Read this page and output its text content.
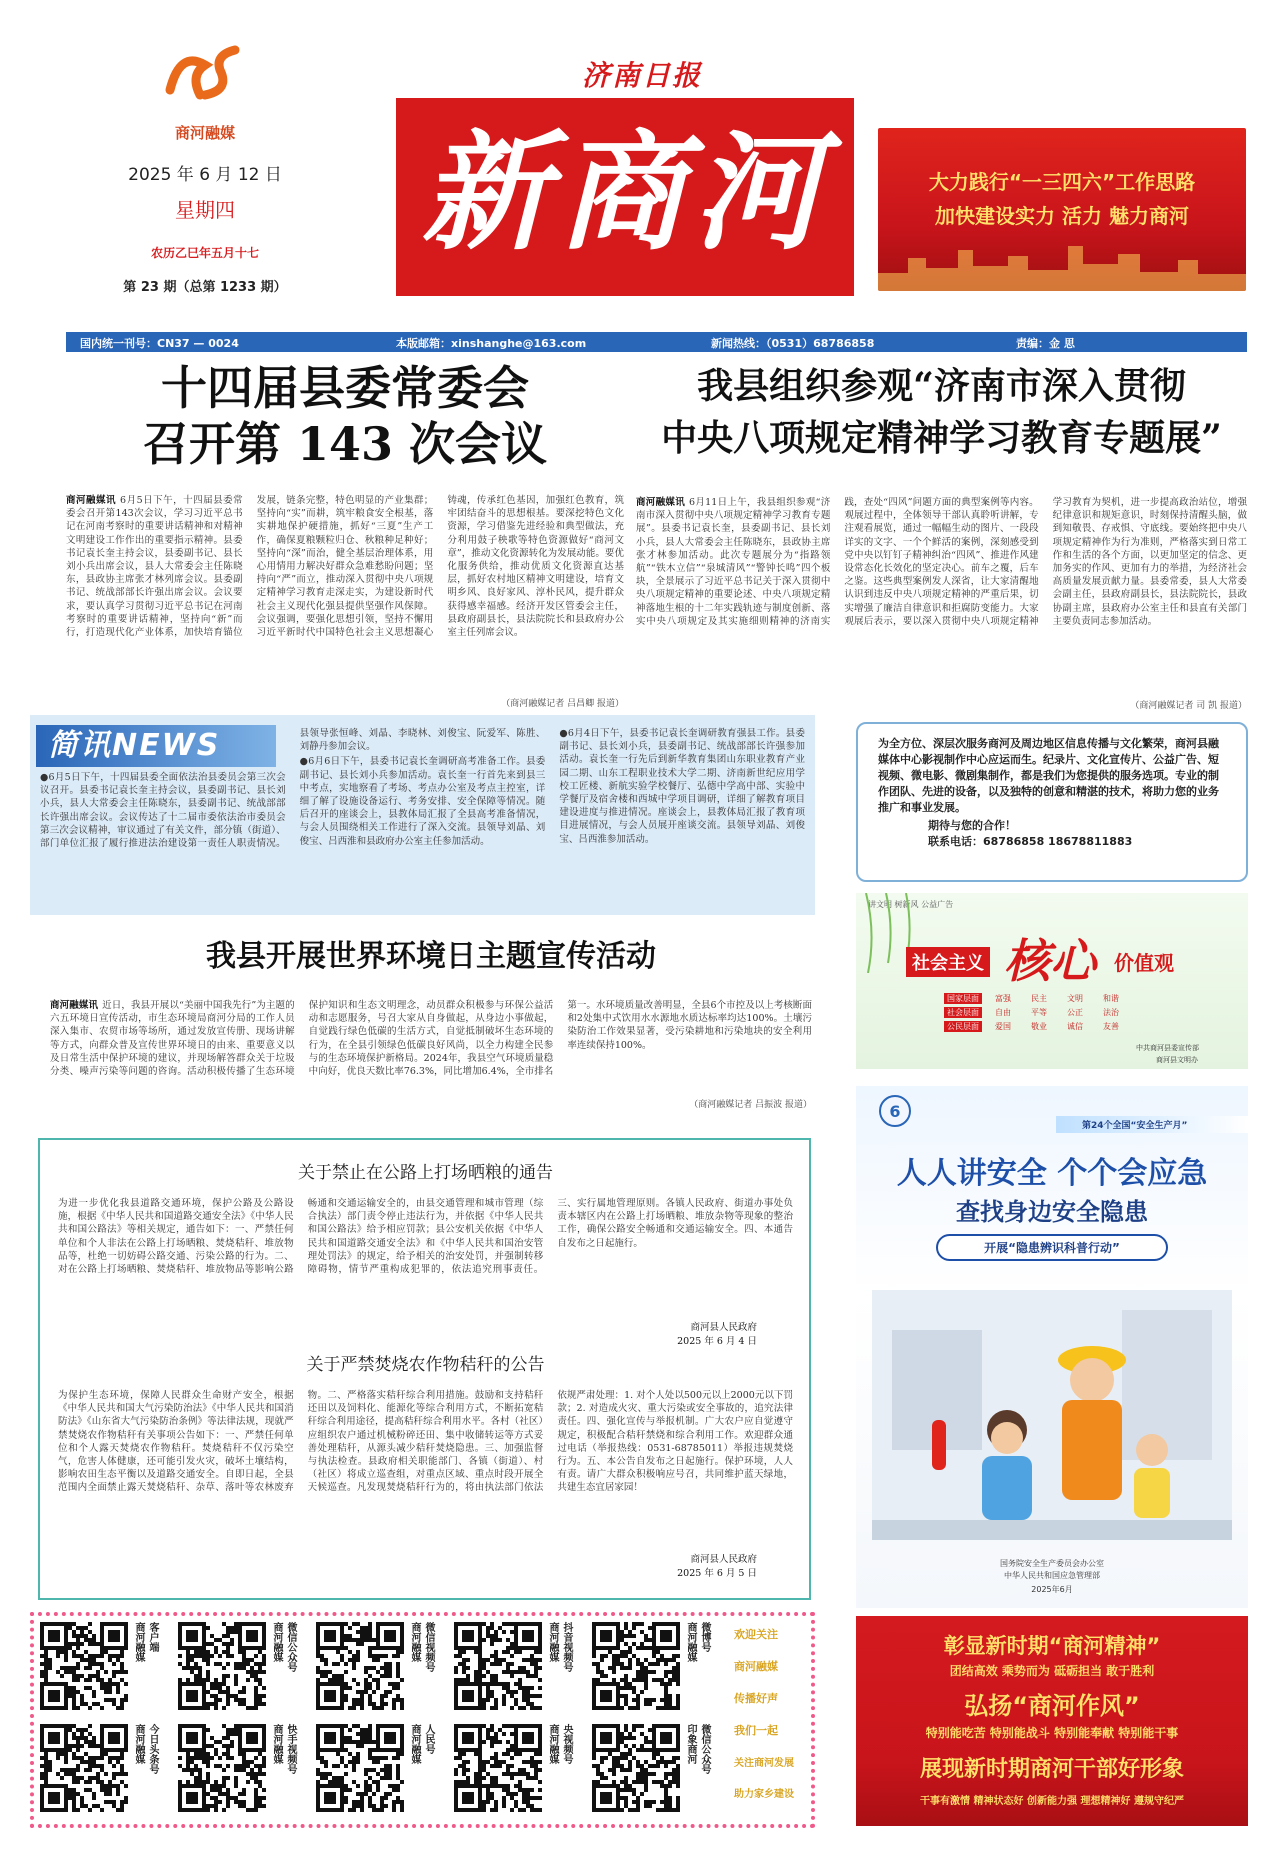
商河融媒
2025 年 6 月 12 日
星期四
农历乙巳年五月十七
第 23 期（总第 1233 期）
济南日报
新商河	大力践行“一三四六”工作思路
加快建设实力 活力 魅力商河
国内统一刊号：CN37 — 0024	本版邮箱：xinshanghe@163.com	新闻热线：（0531）68786858	责编：金 思
十四届县委常委会
召开第 143 次会议
商河融媒讯 6月5日下午，十四届县委常委会召开第143次会议，学习习近平总书记在河南考察时的重要讲话精神和对精神文明建设工作作出的重要指示精神。县委书记袁长奎主持会议，县委副书记、县长刘小兵出席会议，县人大常委会主任陈晓东，县政协主席张才林列席会议。县委副书记、统战部部长许强出席会议。会议要求，要认真学习贯彻习近平总书记在河南考察时的重要讲话精神，坚持向“新”而行，打造现代化产业体系，加快培育锚位发展，链条完整，特色明显的产业集群；坚持向“实”而耕，筑牢粮食安全根基，落实耕地保护硬措施，抓好“三夏”生产工作，确保夏粮颗粒归仓、秋粮种足种好；坚持向“深”而治，健全基层治理体系，用心用情用力解决好群众急难愁盼问题；坚持向“严”而立，推动深入贯彻中央八项规定精神学习教育走深走实，为建设新时代社会主义现代化强县提供坚强作风保障。会议强调，要强化思想引领，坚持不懈用习近平新时代中国特色社会主义思想凝心铸魂，传承红色基因，加强红色教育，筑牢团结奋斗的思想根基。要深挖特色文化资源，学习借鉴先进经验和典型做法，充分利用鼓子秧歌等特色资源做好“商河文章”，推动文化资源转化为发展动能。要优化服务供给，推动优质文化资源直达基层，抓好农村地区精神文明建设，培育文明乡风、良好家风、淳朴民风，提升群众获得感幸福感。经济开发区管委会主任，县政府副县长，县法院院长和县政府办公室主任列席会议。
（商河融媒记者 吕昌卿 报道）
我县组织参观“济南市深入贯彻
中央八项规定精神学习教育专题展”
商河融媒讯 6月11日上午，我县组织参观“济南市深入贯彻中央八项规定精神学习教育专题展”。县委书记袁长奎，县委副书记、县长刘小兵，县人大常委会主任陈晓东，县政协主席张才林参加活动。此次专题展分为“指路领航”“铁木立信”“泉城清风”“警钟长鸣”四个板块，全景展示了习近平总书记关于深入贯彻中央八项规定精神的重要论述、中央八项规定精神落地生根的十二年实践轨迹与制度创新、落实中央八项规定及其实施细则精神的济南实践，查处“四风”问题方面的典型案例等内容。观展过程中，全体领导干部认真聆听讲解，专注观看展览，通过一幅幅生动的图片、一段段详实的文字、一个个鲜活的案例，深刻感受到党中央以钉钉子精神纠治“四风”、推进作风建设常态化长效化的坚定决心。前车之覆，后车之鉴。这些典型案例发人深省，让大家清醒地认识到违反中央八项规定精神的严重后果，切实增强了廉洁自律意识和拒腐防变能力。大家观展后表示，要以深入贯彻中央八项规定精神学习教育为契机，进一步提高政治站位，增强纪律意识和规矩意识，时刻保持清醒头脑，做到知敬畏、存戒惧、守底线。要始终把中央八项规定精神作为行为准则，严格落实到日常工作和生活的各个方面，以更加坚定的信念、更加务实的作风、更加有力的举措，为经济社会高质量发展贡献力量。县委常委，县人大常委会副主任，县政府副县长，县法院院长，县政协副主席，县政府办公室主任和县直有关部门主要负责同志参加活动。
（商河融媒记者 司 凯 报道）
简讯NEWS

●6月5日下午，十四届县委全面依法治县委员会第三次会议召开。县委书记袁长奎主持会议，县委副书记、县长刘小兵，县人大常委会主任陈晓东，县委副书记、统战部部长许强出席会议。会议传达了十二届市委依法治市委员会第三次会议精神，审议通过了有关文件，部分镇（街道）、部门单位汇报了履行推进法治建设第一责任人职责情况。县领导张恒峰、刘晶、李晓林、刘俊宝、阮爱军、陈胜、刘静丹参加会议。

●6月6日下午，县委书记袁长奎调研高考准备工作。县委副书记、县长刘小兵参加活动。袁长奎一行首先来到县三中考点，实地察看了考场、考点办公室及考点主控室，详细了解了设施设备运行、考务安排、安全保障等情况。随后召开的座谈会上，县教体局汇报了全县高考准备情况，与会人员围绕相关工作进行了深入交流。县领导刘晶、刘俊宝、吕西淮和县政府办公室主任参加活动。

●6月4日下午，县委书记袁长奎调研教育强县工作。县委副书记、县长刘小兵，县委副书记、统战部部长许强参加活动。袁长奎一行先后到新华教育集团山东职业教育产业园二期、山东工程职业技术大学二期、济南新世纪应用学校工匠楼、新航实验学校餐厅、弘德中学高中部、实验中学餐厅及宿舍楼和西城中学项目调研，详细了解教育项目建设进度与推进情况。座谈会上，县教体局汇报了教育项目进展情况，与会人员展开座谈交流。县领导刘晶、刘俊宝、吕西淮参加活动。

为全方位、深层次服务商河及周边地区信息传播与文化繁荣，商河县融媒体中心影视制作中心应运而生。纪录片、文化宣传片、公益广告、短视频、微电影、微剧集制作，都是我们为您提供的服务选项。专业的制作团队、先进的设备，以及独特的创意和精湛的技术，将助力您的业务推广和事业发展。

期待与您的合作！

联系电话：68786858 18678811883

讲文明 树新风 公益广告
社会主义 核心 价值观
国家层面	富强	民主	文明	和谐
社会层面	自由	平等	公正	法治
公民层面	爱国	敬业	诚信	友善
中共商河县委宣传部
商河县文明办
我县开展世界环境日主题宣传活动
商河融媒讯 近日，我县开展以“美丽中国我先行”为主题的六五环境日宣传活动，市生态环境局商河分局的工作人员深入集市、农贸市场等场所，通过发放宣传册、现场讲解等方式，向群众普及宣传世界环境日的由来、重要意义以及日常生活中保护环境的建议，并现场解答群众关于垃圾分类、噪声污染等问题的咨询。活动积极传播了生态环境保护知识和生态文明理念，动员群众积极参与环保公益活动和志愿服务，号召大家从自身做起，从身边小事做起，自觉践行绿色低碳的生活方式，自觉抵制破坏生态环境的行为，在全县引领绿色低碳良好风尚，以全力构建全民参与的生态环境保护新格局。2024年，我县空气环境质量稳中向好，优良天数比率76.3%，同比增加6.4%，全市排名第一。水环境质量改善明显，全县6个市控及以上考核断面和2处集中式饮用水水源地水质达标率均达100%。土壤污染防治工作效果显著，受污染耕地和污染地块的安全利用率连续保持100%。
（商河融媒记者 吕振波 报道）
关于禁止在公路上打场晒粮的通告
为进一步优化我县道路交通环境，保护公路及公路设施，根据《中华人民共和国道路交通安全法》《中华人民共和国公路法》等相关规定，通告如下：一、严禁任何单位和个人非法在公路上打场晒粮、焚烧秸秆、堆放物品等，杜绝一切妨碍公路交通、污染公路的行为。二、对在公路上打场晒粮、焚烧秸秆、堆放物品等影响公路畅通和交通运输安全的，由县交通管理和城市管理（综合执法）部门责令停止违法行为，并依据《中华人民共和国公路法》给予相应罚款；县公安机关依据《中华人民共和国道路交通安全法》和《中华人民共和国治安管理处罚法》的规定，给予相关的治安处罚，并强制转移障碍物，情节严重构成犯罪的，依法追究刑事责任。三、实行属地管理原则。各镇人民政府、街道办事处负责本辖区内在公路上打场晒粮、堆放杂物等现象的整治工作，确保公路安全畅通和交通运输安全。四、本通告自发布之日起施行。
商河县人民政府
2025 年 6 月 4 日
关于严禁焚烧农作物秸秆的公告
为保护生态环境，保障人民群众生命财产安全，根据《中华人民共和国大气污染防治法》《中华人民共和国消防法》《山东省大气污染防治条例》等法律法规，现就严禁焚烧农作物秸秆有关事项公告如下：一、严禁任何单位和个人露天焚烧农作物秸秆。焚烧秸秆不仅污染空气，危害人体健康，还可能引发火灾，破坏土壤结构，影响农田生态平衡以及道路交通安全。自即日起，全县范围内全面禁止露天焚烧秸秆、杂草、落叶等农林废弃物。二、严格落实秸秆综合利用措施。鼓励和支持秸秆还田以及饲料化、能源化等综合利用方式，不断拓宽秸秆综合利用途径，提高秸秆综合利用水平。各村（社区）应组织农户通过机械粉碎还田、集中收储转运等方式妥善处理秸秆，从源头减少秸秆焚烧隐患。三、加强监督与执法检查。县政府相关职能部门、各镇（街道）、村（社区）将成立巡查组，对重点区域、重点时段开展全天候巡查。凡发现焚烧秸秆行为的，将由执法部门依法依规严肃处理：1. 对个人处以500元以上2000元以下罚款；2. 对造成火灾、重大污染或安全事故的，追究法律责任。四、强化宣传与举报机制。广大农户应自觉遵守规定，积极配合秸秆禁烧和综合利用工作。欢迎群众通过电话（举报热线：0531-68785011）举报违规焚烧行为。五、本公告自发布之日起施行。保护环境，人人有责。请广大群众积极响应号召，共同维护蓝天绿地，共建生态宜居家园！
商河县人民政府
2025 年 6 月 5 日
6
第24个全国“安全生产月”
人人讲安全 个个会应急
查找身边安全隐患
开展“隐患辨识科普行动”
国务院安全生产委员会办公室
中华人民共和国应急管理部
2025年6月
客户端
商河融媒	微信公众号
商河融媒	微信视频号
商河融媒	抖音视频号
商河融媒	微博号
商河融媒
今日头条号
商河融媒	快手视频号
商河融媒	人民号
商河融媒	央视频号
商河融媒	微信公众号
印象商河
欢迎关注
商河融媒
传播好声
我们一起
关注商河发展
助力家乡建设
彰显新时期“商河精神”
团结高效 乘势而为 砥砺担当 敢于胜利
弘扬“商河作风”
特别能吃苦 特别能战斗 特别能奉献 特别能干事
展现新时期商河干部好形象
干事有激情 精神状态好 创新能力强 理想精神好 遵规守纪严
